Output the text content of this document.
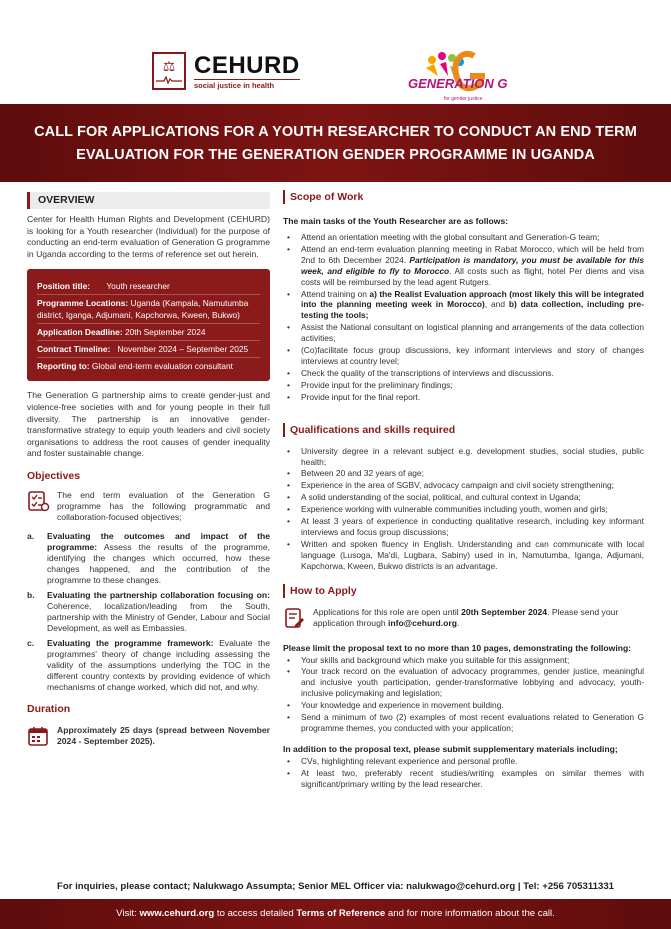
⚖ CEHURD
social justice in health	GENERATION G
for gender justice
CALL FOR APPLICATIONS FOR A YOUTH RESEARCHER TO CONDUCT AN END TERM
EVALUATION FOR THE GENERATION GENDER PROGRAMME IN UGANDA
OVERVIEW

Center for Health Human Rights and Development (CEHURD) is looking for a Youth researcher (Individual) for the purpose of conducting an end-term evaluation of Generation G programme in Uganda according to the terms of reference set out herein.

Position title: Youth researcher
Programme Locations: Uganda (Kampala, Namutumba district, Iganga, Adjumani, Kapchorwa, Kween, Bukwo)
Application Deadline: 20th September 2024
Contract Timeline: November 2024 – September 2025
Reporting to: Global end-term evaluation consultant

The Generation G partnership aims to create gender-just and violence-free societies with and for young people in their full diversity. The partnership is an innovative gender-transformative strategy to equip youth leaders and civil society organisations to address the root causes of gender inequality and foster sustainable change.

Objectives

The end term evaluation of the Generation G programme has the following programmatic and collaboration-focused objectives;

a.	Evaluating the outcomes and impact of the programme: Assess the results of the programme, identifying the changes which occurred, how these changes happened, and the contribution of the programme to these changes.
b.	Evaluating the partnership collaboration focusing on: Coherence, localization/leading from the South, partnership with the Ministry of Gender, Labour and Social Development, as well as Embassies.
c.	Evaluating the programme framework: Evaluate the programmes' theory of change including assessing the validity of the assumptions underlying the TOC in the different country contexts by providing evidence of which mechanisms of change worked, which did not, and why.
Duration

Approximately 25 days (spread between November 2024 - September 2025).

Scope of Work
The main tasks of the Youth Researcher are as follows:
•	Attend an orientation meeting with the global consultant and Generation-G team;
•	Attend an end-term evaluation planning meeting in Rabat Morocco, which will be held from 2nd to 6th December 2024. Participation is mandatory, you must be available for this week, and eligible to fly to Morocco. All costs such as flight, hotel Per diems and visa costs will be reimbursed by the lead agent Rutgers.
•	Attend training on a) the Realist Evaluation approach (most likely this will be integrated into the planning meeting week in Morocco), and b) data collection, including pre-testing the tools;
•	Assist the National consultant on logistical planning and arrangements of the data collection activities;
•	(Co)facilitate focus group discussions, key informant interviews and story of changes interviews at country level;
•	Check the quality of the transcriptions of interviews and discussions.
•	Provide input for the preliminary findings;
•	Provide input for the final report.
Qualifications and skills required
•	University degree in a relevant subject e.g. development studies, social studies, public health;
•	Between 20 and 32 years of age;
•	Experience in the area of SGBV, advocacy campaign and civil society strengthening;
•	A solid understanding of the social, political, and cultural context in Uganda;
•	Experience working with vulnerable communities including youth, women and girls;
•	At least 3 years of experience in conducting qualitative research, including key informant interviews and focus group discussions;
•	Written and spoken fluency in English. Understanding and can communicate with local language (Lusoga, Ma'di, Lugbara, Sabiny) used in in, Namutumba, Iganga, Adjumani, Kapchorwa, Kween, Bukwo districts is an advantage.
How to Apply

Applications for this role are open until 20th September 2024. Please send your application through info@cehurd.org.

Please limit the proposal text to no more than 10 pages, demonstrating the following:
•	Your skills and background which make you suitable for this assignment;
•	Your track record on the evaluation of advocacy programmes, gender justice, meaningful and inclusive youth participation, gender-transformative lobbying and advocacy, youth-inclusive policymaking and legislation;
•	Your knowledge and experience in movement building.
•	Send a minimum of two (2) examples of most recent evaluations related to Generation G programme themes, you conducted with your application;
In addition to the proposal text, please submit supplementary materials including;
•	CVs, highlighting relevant experience and personal profile.
•	At least two, preferably recent studies/writing examples on similar themes with significant/primary writing by the lead researcher.
For inquiries, please contact; Nalukwago Assumpta; Senior MEL Officer via: nalukwago@cehurd.org | Tel: +256 705311331

Visit: www.cehurd.org to access detailed Terms of Reference and for more information about the call.
